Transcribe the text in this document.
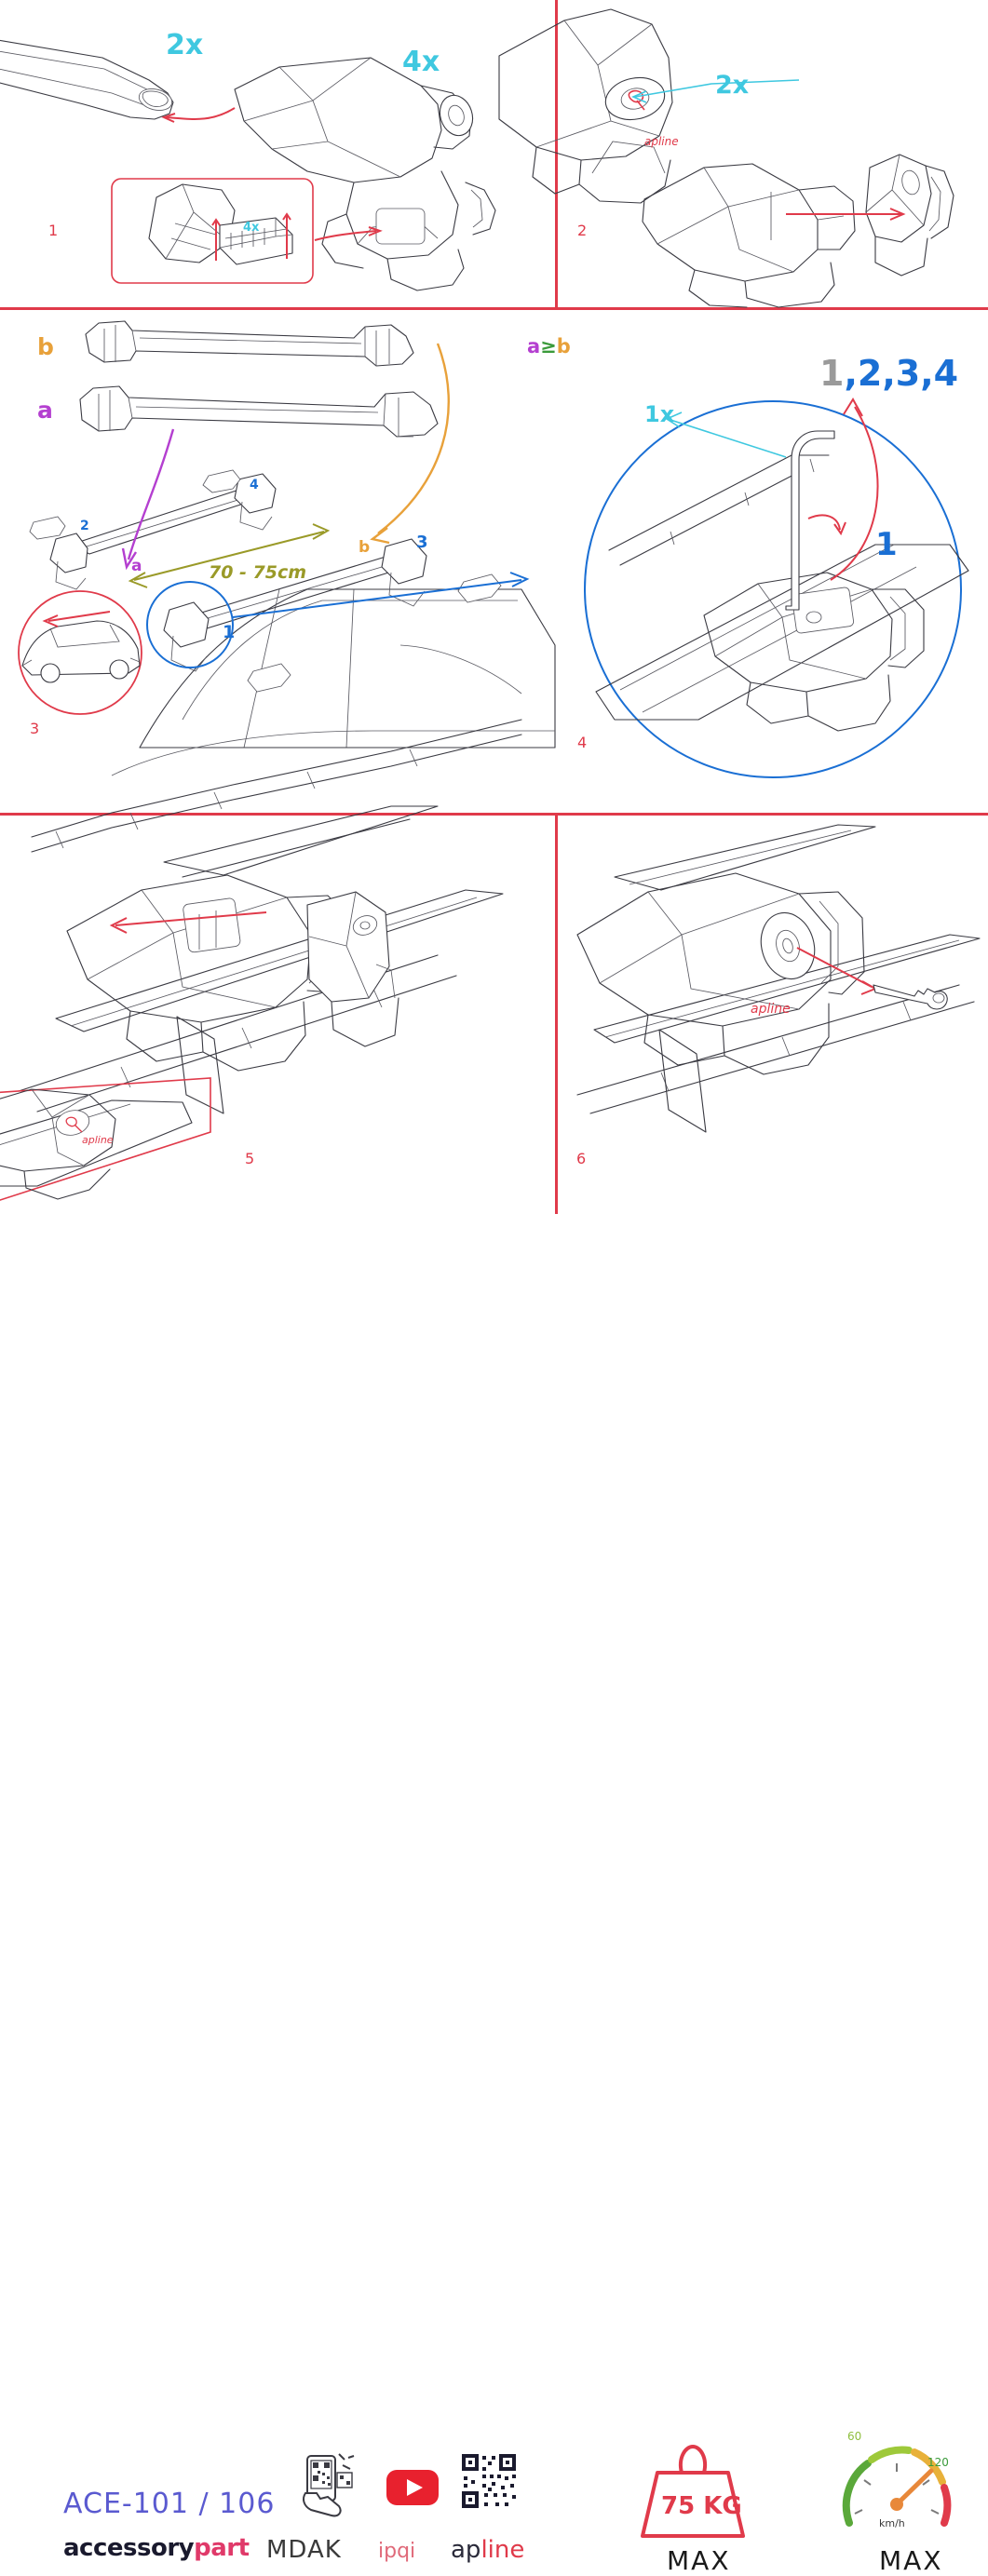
2x
4x
4x
1
apline
2x
2
b
a
70 - 75cm
a
b
1
2
3
4
3
a≥b
1x
1,2,3,4
1
4
apline
5
apline
6
ACE-101 / 106
accessorypart MDAK ipqi apline
75 KG
MAX
60
120
km/h
MAX
